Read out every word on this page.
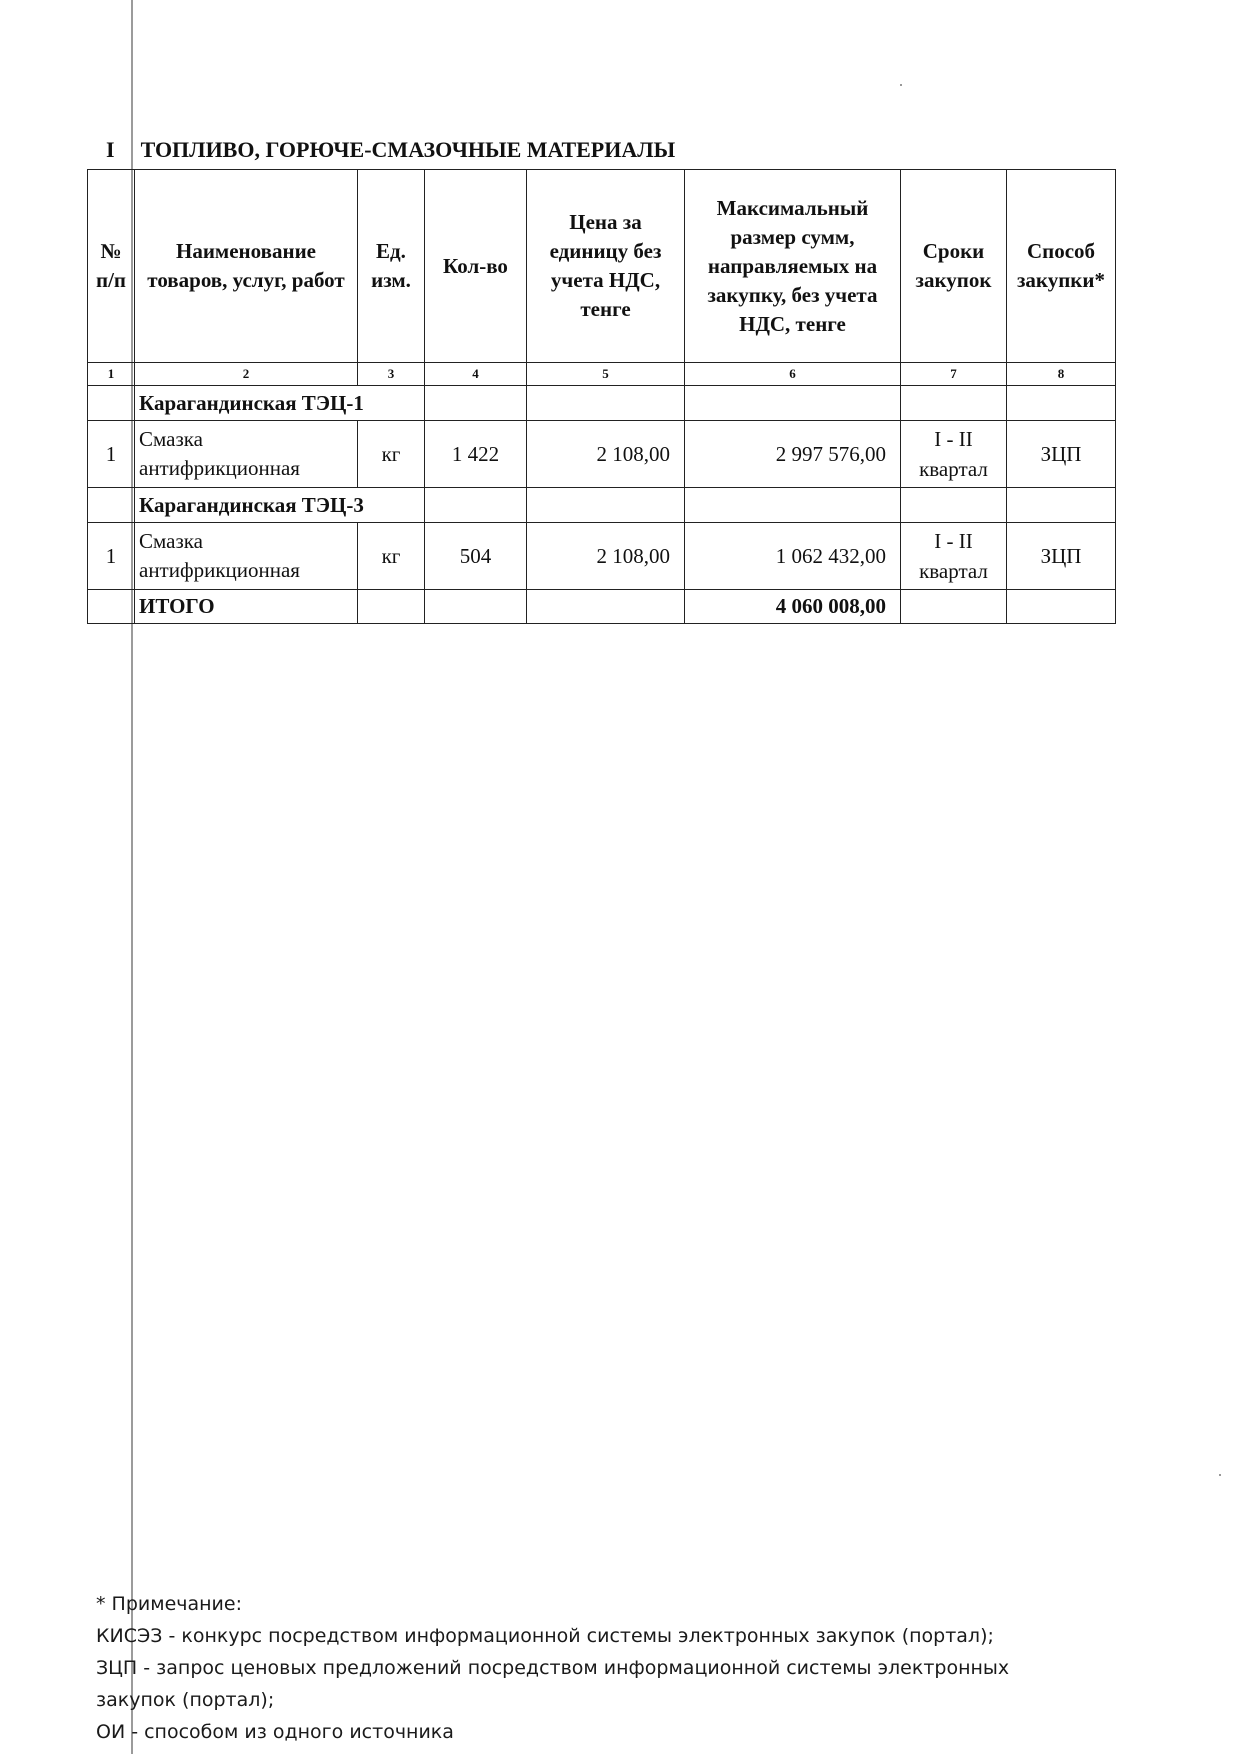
I ТОПЛИВО, ГОРЮЧЕ-СМАЗОЧНЫЕ МАТЕРИАЛЫ
№ п/п	Наименование товаров, услуг, работ	Ед. изм.	Кол-во	Цена за единицу без учета НДС, тенге	Максимальный размер сумм, направляемых на закупку, без учета НДС, тенге	Сроки закупок	Способ закупки*
1	2	3	4	5	6	7	8
	Карагандинская ТЭЦ-1						
1	Смазка антифрикционная	кг	1 422	2 108,00	2 997 576,00	I - II квартал	ЗЦП
	Карагандинская ТЭЦ-3						
1	Смазка антифрикционная	кг	504	2 108,00	1 062 432,00	I - II квартал	ЗЦП
	ИТОГО				4 060 008,00		
* Примечание:
КИСЭЗ - конкурс посредством информационной системы электронных закупок (портал);
ЗЦП - запрос ценовых предложений посредством информационной системы электронных
закупок (портал);
ОИ - способом из одного источника
